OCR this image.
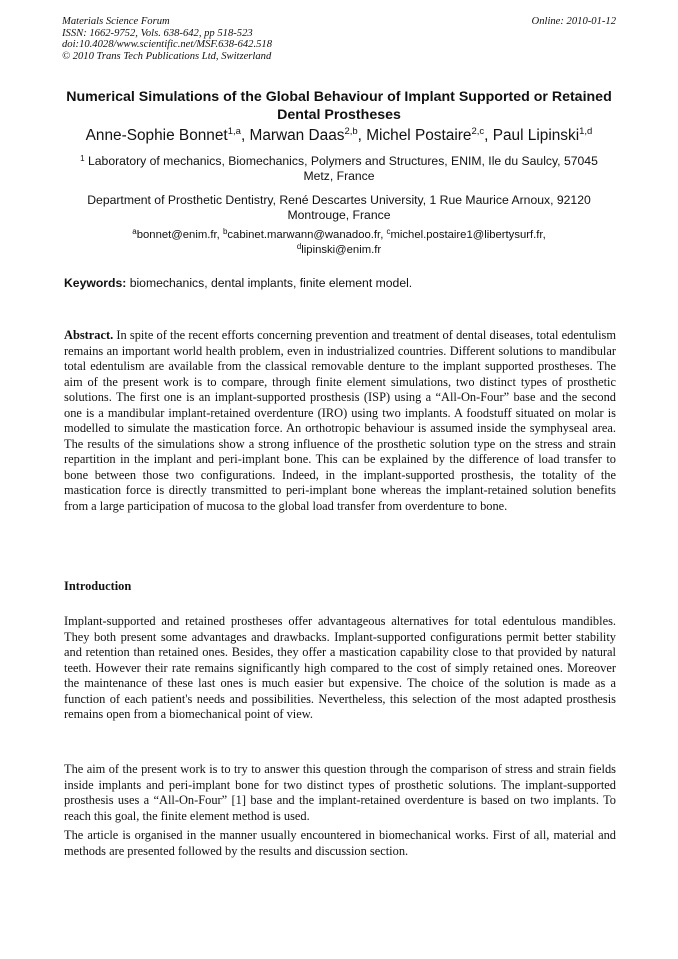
Materials Science Forum
ISSN: 1662-9752, Vols. 638-642, pp 518-523
doi:10.4028/www.scientific.net/MSF.638-642.518
© 2010 Trans Tech Publications Ltd, Switzerland
Online: 2010-01-12
Numerical Simulations of the Global Behaviour of Implant Supported or Retained Dental Prostheses
Anne-Sophie Bonnet$^{1,a}$, Marwan Daas$^{2,b}$, Michel Postaire$^{2,c}$, Paul Lipinski$^{1,d}$
$^1$ Laboratory of mechanics, Biomechanics, Polymers and Structures, ENIM, Ile du Saulcy, 57045 Metz, France
Department of Prosthetic Dentistry, René Descartes University, 1 Rue Maurice Arnoux, 92120 Montrouge, France
$^a$bonnet@enim.fr, $^b$cabinet.marwann@wanadoo.fr, $^c$michel.postaire1@libertysurf.fr,
$^d$lipinski@enim.fr
Keywords: biomechanics, dental implants, finite element model.
Abstract. In spite of the recent efforts concerning prevention and treatment of dental diseases, total edentulism remains an important world health problem, even in industrialized countries. Different solutions to mandibular total edentulism are available from the classical removable denture to the implant supported prostheses. The aim of the present work is to compare, through finite element simulations, two distinct types of prosthetic solutions. The first one is an implant-supported prosthesis (ISP) using a “All-On-Four” base and the second one is a mandibular implant-retained overdenture (IRO) using two implants. A foodstuff situated on molar is modelled to simulate the mastication force. An orthotropic behaviour is assumed inside the symphyseal area. The results of the simulations show a strong influence of the prosthetic solution type on the stress and strain repartition in the implant and peri-implant bone. This can be explained by the difference of load transfer to bone between those two configurations. Indeed, in the implant-supported prosthesis, the totality of the mastication force is directly transmitted to peri-implant bone whereas the implant-retained solution benefits from a large participation of mucosa to the global load transfer from overdenture to bone.
Introduction
Implant-supported and retained prostheses offer advantageous alternatives for total edentulous mandibles. They both present some advantages and drawbacks. Implant-supported configurations permit better stability and retention than retained ones. Besides, they offer a mastication capability close to that provided by natural teeth. However their rate remains significantly high compared to the cost of simply retained ones. Moreover the maintenance of these last ones is much easier but expensive. The choice of the solution is made as a function of each patient's needs and possibilities. Nevertheless, this selection of the most adapted prosthesis remains open from a biomechanical point of view.
The aim of the present work is to try to answer this question through the comparison of stress and strain fields inside implants and peri-implant bone for two distinct types of prosthetic solutions. The implant-supported prosthesis uses a “All-On-Four” [1] base and the implant-retained overdenture is based on two implants. To reach this goal, the finite element method is used.
The article is organised in the manner usually encountered in biomechanical works. First of all, material and methods are presented followed by the results and discussion section.
